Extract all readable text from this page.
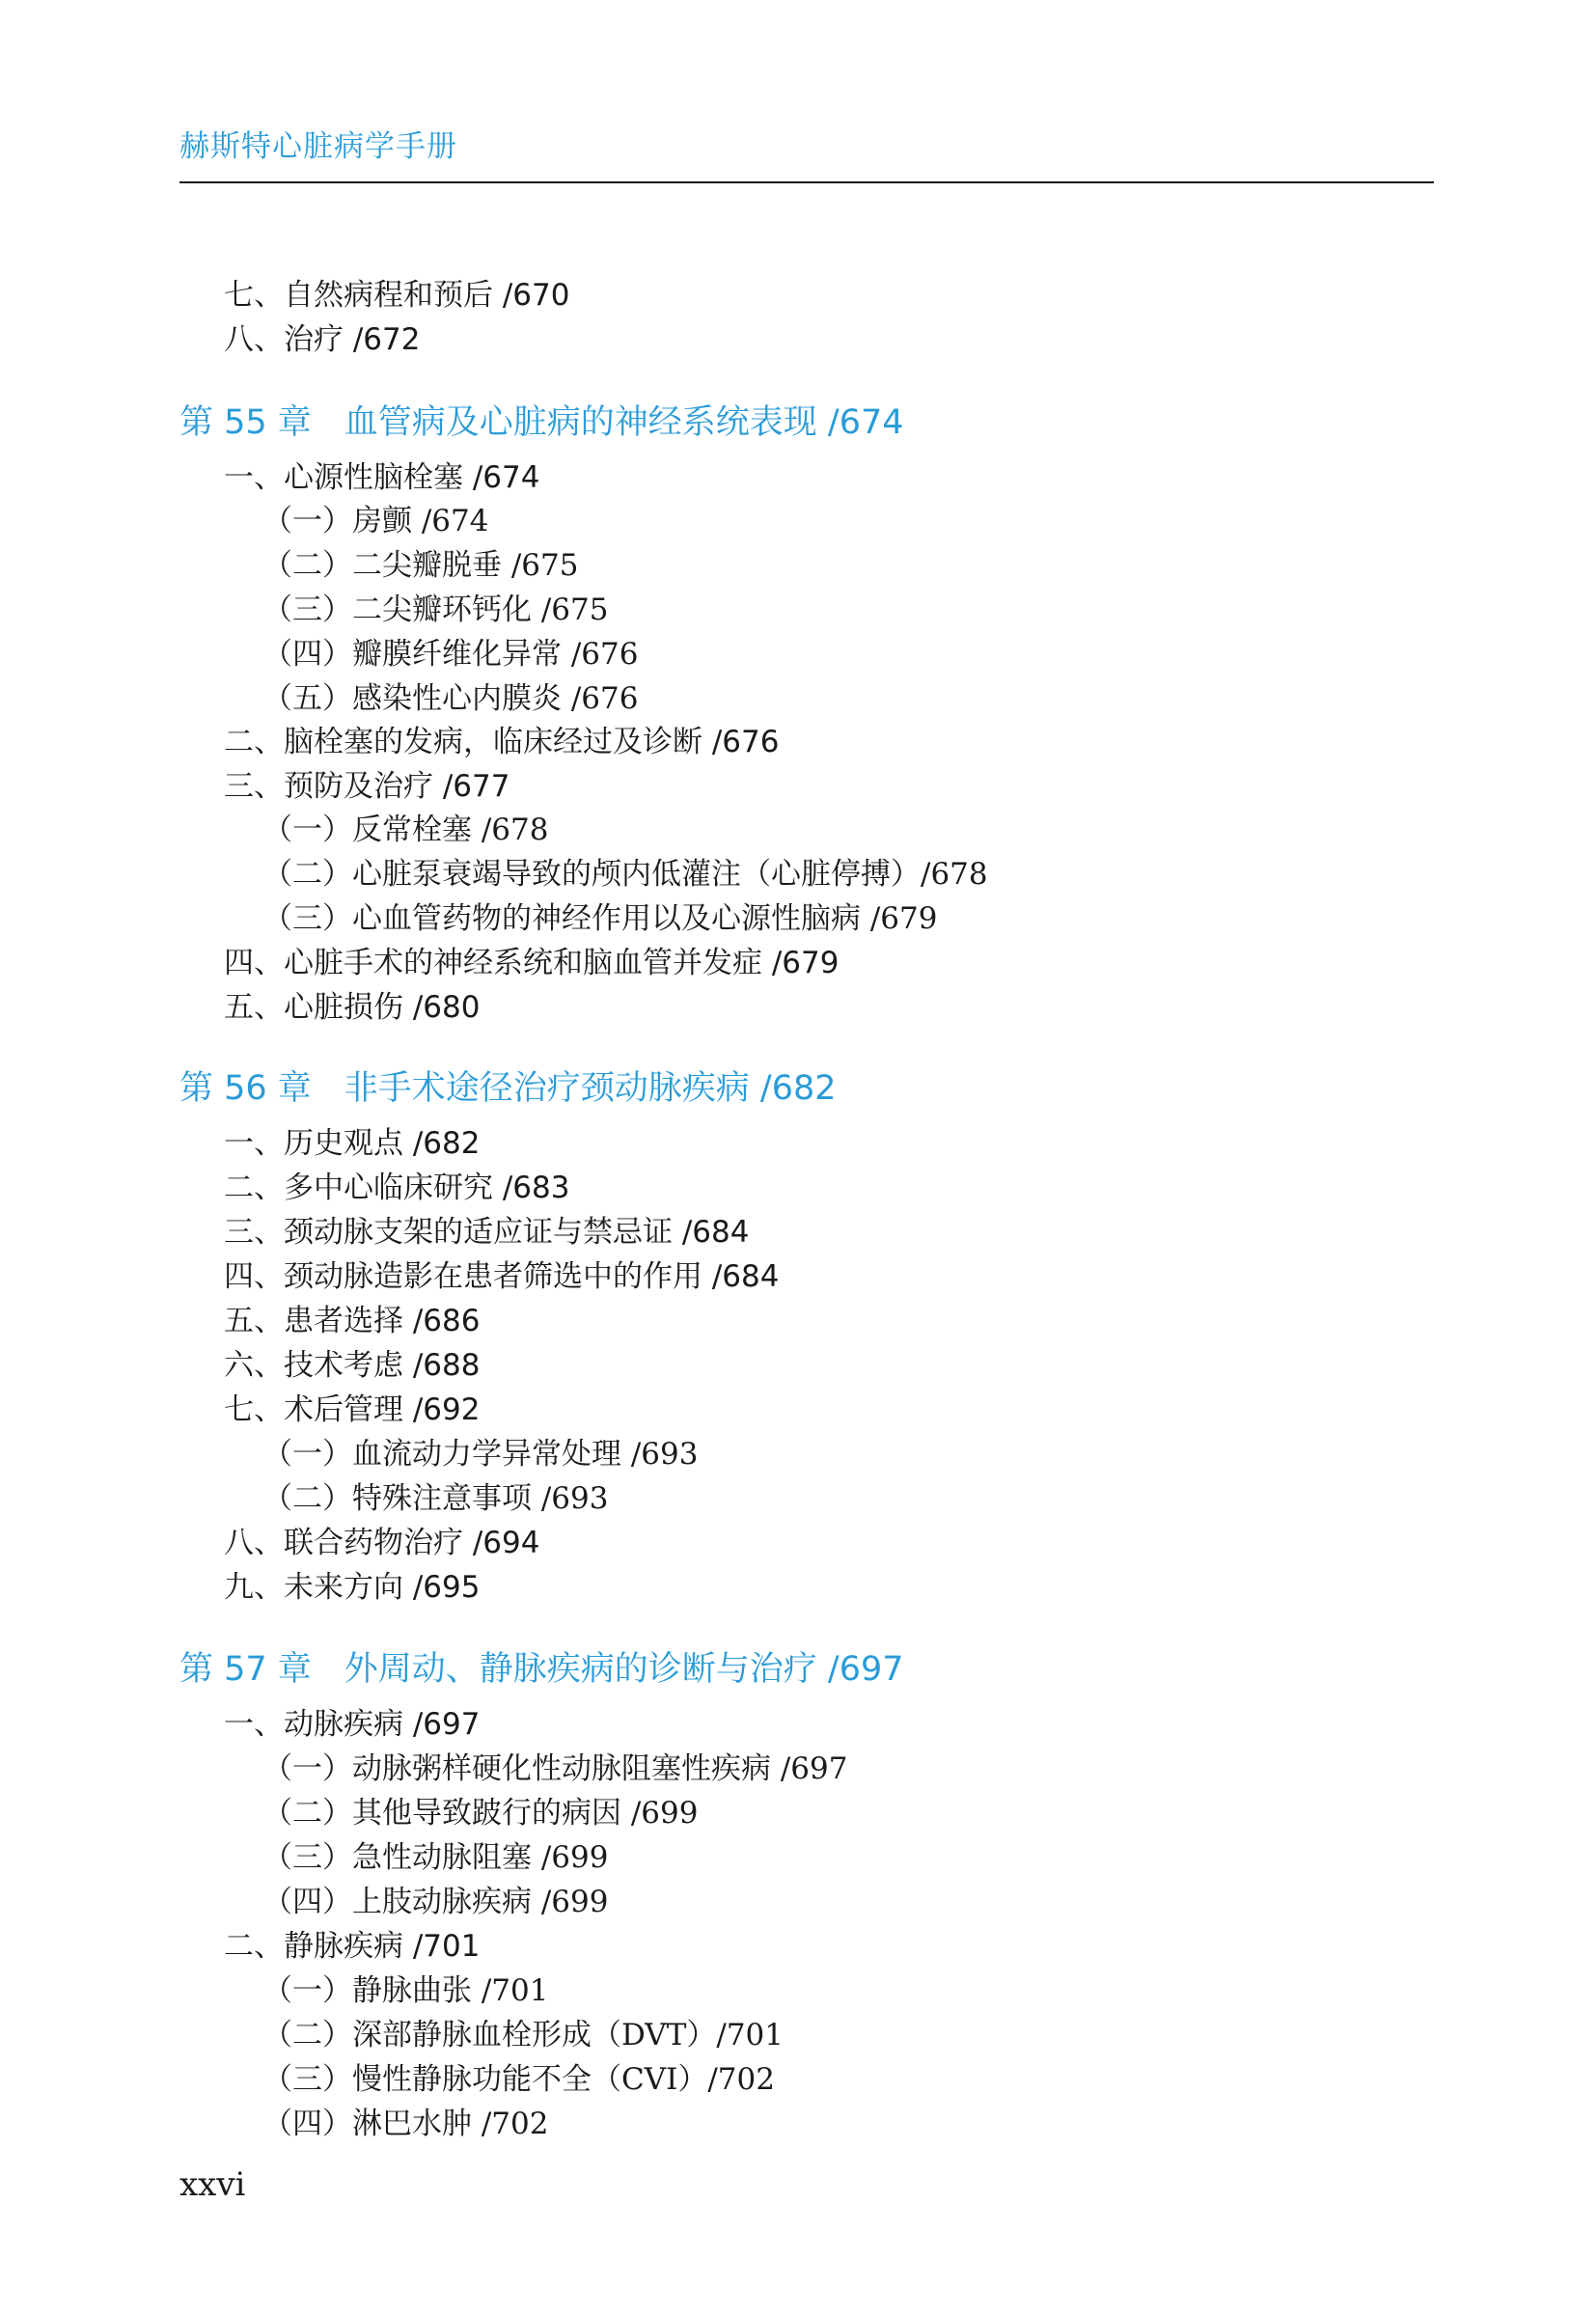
赫斯特心脏病学手册
七、自然病程和预后 /670
八、治疗 /672
第 55 章 血管病及心脏病的神经系统表现 /674
一、心源性脑栓塞 /674
（一）房颤 /674
（二）二尖瓣脱垂 /675
（三）二尖瓣环钙化 /675
（四）瓣膜纤维化异常 /676
（五）感染性心内膜炎 /676
二、脑栓塞的发病，临床经过及诊断 /676
三、预防及治疗 /677
（一）反常栓塞 /678
（二）心脏泵衰竭导致的颅内低灌注（心脏停搏）/678
（三）心血管药物的神经作用以及心源性脑病 /679
四、心脏手术的神经系统和脑血管并发症 /679
五、心脏损伤 /680
第 56 章 非手术途径治疗颈动脉疾病 /682
一、历史观点 /682
二、多中心临床研究 /683
三、颈动脉支架的适应证与禁忌证 /684
四、颈动脉造影在患者筛选中的作用 /684
五、患者选择 /686
六、技术考虑 /688
七、术后管理 /692
（一）血流动力学异常处理 /693
（二）特殊注意事项 /693
八、联合药物治疗 /694
九、未来方向 /695
第 57 章 外周动、静脉疾病的诊断与治疗 /697
一、动脉疾病 /697
（一）动脉粥样硬化性动脉阻塞性疾病 /697
（二）其他导致跛行的病因 /699
（三）急性动脉阻塞 /699
（四）上肢动脉疾病 /699
二、静脉疾病 /701
（一）静脉曲张 /701
（二）深部静脉血栓形成（DVT）/701
（三）慢性静脉功能不全（CVI）/702
（四）淋巴水肿 /702
xxvi
